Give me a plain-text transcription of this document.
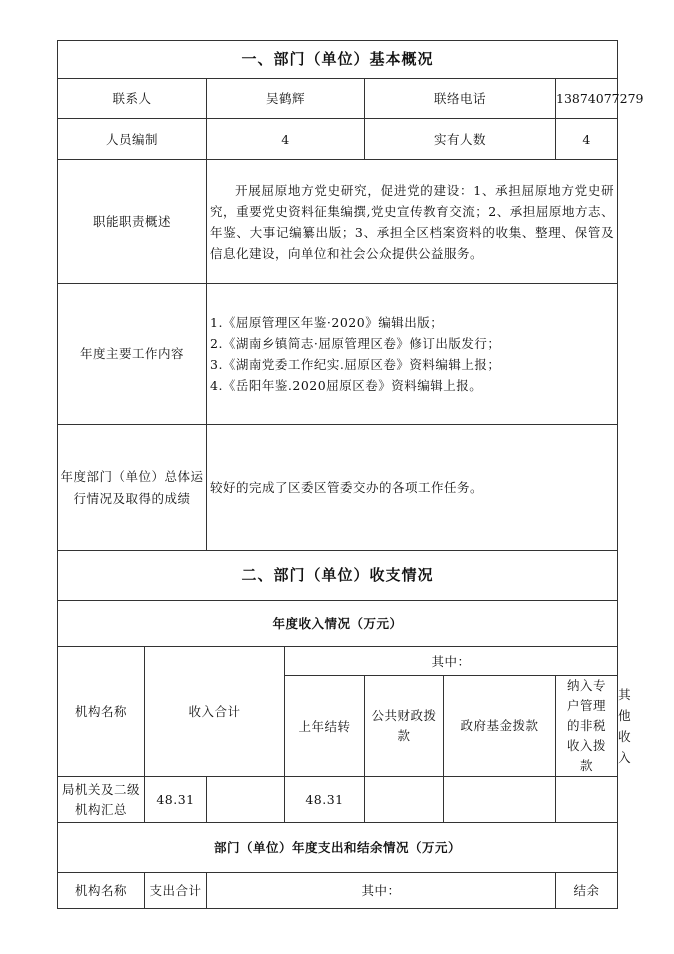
一、部门（单位）基本概况							
联系人		吴鹤辉		联络电话		13874077279	
人员编制		4		实有人数		4	
职能职责概述		开展屈原地方党史研究，促进党的建设：1、承担屈原地方党史研究，重要党史资料征集编撰,党史宣传教育交流；2、承担屈原地方志、年鉴、大事记编纂出版；3、承担全区档案资料的收集、整理、保管及信息化建设，向单位和社会公众提供公益服务。					
年度主要工作内容		1.《屈原管理区年鉴·2020》编辑出版；
2.《湖南乡镇简志·屈原管理区卷》修订出版发行；
3.《湖南党委工作纪实.屈原区卷》资料编辑上报；
4.《岳阳年鉴.2020屈原区卷》资料编辑上报。					

年度部门（单位）总体运行情况及取得的成绩		较好的完成了区委区管委交办的各项工作任务。					
二、部门（单位）收支情况							
年度收入情况（万元）							
机构名称	收入合计		其中：				
			上年结转	公共财政拨款	政府基金拨款	纳入专户管理的非税收入拨款	其他收入
局机关及二级机构汇总	48.31		48.31				
部门（单位）年度支出和结余情况（万元）							
机构名称	支出合计	其中：				结余	
